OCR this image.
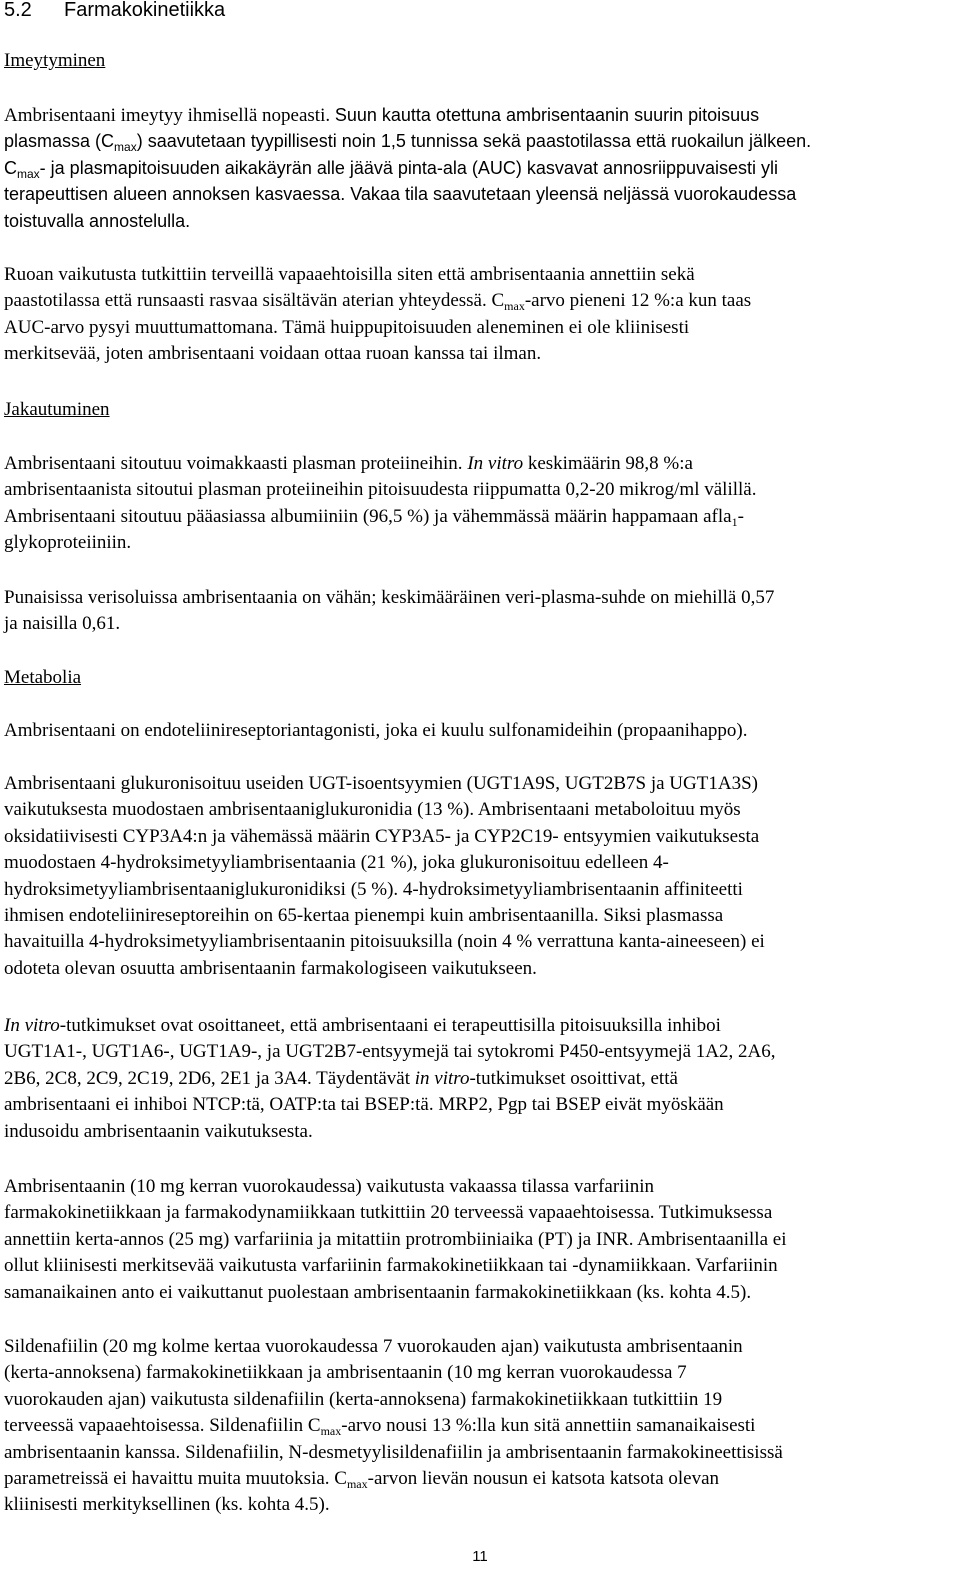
5.2 Farmakokinetiikka
Imeytyminen
Ambrisentaani imeytyy ihmisellä nopeasti. Suun kautta otettuna ambrisentaanin suurin pitoisuus
plasmassa $(C_{max})$ saavutetaan tyypillisesti noin 1,5 tunnissa sekä paastotilassa että ruokailun jälkeen.
$C_{max}-$ ja plasmapitoisuuden aikakäyrän alle jäävä pinta-ala (AUC) kasvavat annosriippuvaisesti yli
terapeuttisen alueen annoksen kasvaessa. Vakaa tila saavutetaan yleensä neljässä vuorokaudessa
toistuvalla annostelulla.
Ruoan vaikutusta tutkittiin terveillä vapaaehtoisilla siten että ambrisentaania annettiin sekä
paastotilassa että runsaasti rasvaa sisältävän aterian yhteydessä. $C_{max}$-arvo pieneni 12 %:a kun taas
AUC-arvo pysyi muuttumattomana. Tämä huippupitoisuuden aleneminen ei ole kliinisesti
merkitsevää, joten ambrisentaani voidaan ottaa ruoan kanssa tai ilman.
Jakautuminen
Ambrisentaani sitoutuu voimakkaasti plasman proteiineihin. In vitro keskimäärin 98,8 %:a
ambrisentaanista sitoutui plasman proteiineihin pitoisuudesta riippumatta 0,2-20 mikrog/ml välillä.
Ambrisentaani sitoutuu pääasiassa albumiiniin (96,5 %) ja vähemmässä määrin happamaan afla$_1$-
glykoproteiiniin.
Punaisissa verisoluissa ambrisentaania on vähän; keskimääräinen veri-plasma-suhde on miehillä 0,57
ja naisilla 0,61.
Metabolia
Ambrisentaani on endoteliinireseptoriantagonisti, joka ei kuulu sulfonamideihin (propaanihappo).
Ambrisentaani glukuronisoituu useiden UGT-isoentsyymien (UGT1A9S, UGT2B7S ja UGT1A3S)
vaikutuksesta muodostaen ambrisentaaniglukuronidia (13 %). Ambrisentaani metaboloituu myös
oksidatiivisesti CYP3A4:n ja vähemässä määrin CYP3A5- ja CYP2C19- entsyymien vaikutuksesta
muodostaen 4-hydroksimetyyliambrisentaania (21 %), joka glukuronisoituu edelleen 4-
hydroksimetyyliambrisentaaniglukuronidiksi (5 %). 4-hydroksimetyyliambrisentaanin affiniteetti
ihmisen endoteliinireseptoreihin on 65-kertaa pienempi kuin ambrisentaanilla. Siksi plasmassa
havaituilla 4-hydroksimetyyliambrisentaanin pitoisuuksilla (noin 4 % verrattuna kanta-aineeseen) ei
odoteta olevan osuutta ambrisentaanin farmakologiseen vaikutukseen.
In vitro-tutkimukset ovat osoittaneet, että ambrisentaani ei terapeuttisilla pitoisuuksilla inhiboi
UGT1A1-, UGT1A6-, UGT1A9-, ja UGT2B7-entsyymejä tai sytokromi P450-entsyymejä 1A2, 2A6,
2B6, 2C8, 2C9, 2C19, 2D6, 2E1 ja 3A4. Täydentävät in vitro-tutkimukset osoittivat, että
ambrisentaani ei inhiboi NTCP:tä, OATP:ta tai BSEP:tä. MRP2, Pgp tai BSEP eivät myöskään
indusoidu ambrisentaanin vaikutuksesta.
Ambrisentaanin (10 mg kerran vuorokaudessa) vaikutusta vakaassa tilassa varfariinin
farmakokinetiikkaan ja farmakodynamiikkaan tutkittiin 20 terveessä vapaaehtoisessa. Tutkimuksessa
annettiin kerta-annos (25 mg) varfariinia ja mitattiin protrombiiniaika (PT) ja INR. Ambrisentaanilla ei
ollut kliinisesti merkitsevää vaikutusta varfariinin farmakokinetiikkaan tai -dynamiikkaan. Varfariinin
samanaikainen anto ei vaikuttanut puolestaan ambrisentaanin farmakokinetiikkaan (ks. kohta 4.5).
Sildenafiilin (20 mg kolme kertaa vuorokaudessa 7 vuorokauden ajan) vaikutusta ambrisentaanin
(kerta-annoksena) farmakokinetiikkaan ja ambrisentaanin (10 mg kerran vuorokaudessa 7
vuorokauden ajan) vaikutusta sildenafiilin (kerta-annoksena) farmakokinetiikkaan tutkittiin 19
terveessä vapaaehtoisessa. Sildenafiilin $C_{max}$-arvo nousi 13 %:lla kun sitä annettiin samanaikaisesti
ambrisentaanin kanssa. Sildenafiilin, N-desmetyylisildenafiilin ja ambrisentaanin farmakokineettisissä
parametreissä ei havaittu muita muutoksia. $C_{max}$-arvon lievän nousun ei katsota katsota olevan
kliinisesti merkityksellinen (ks. kohta 4.5).
11
